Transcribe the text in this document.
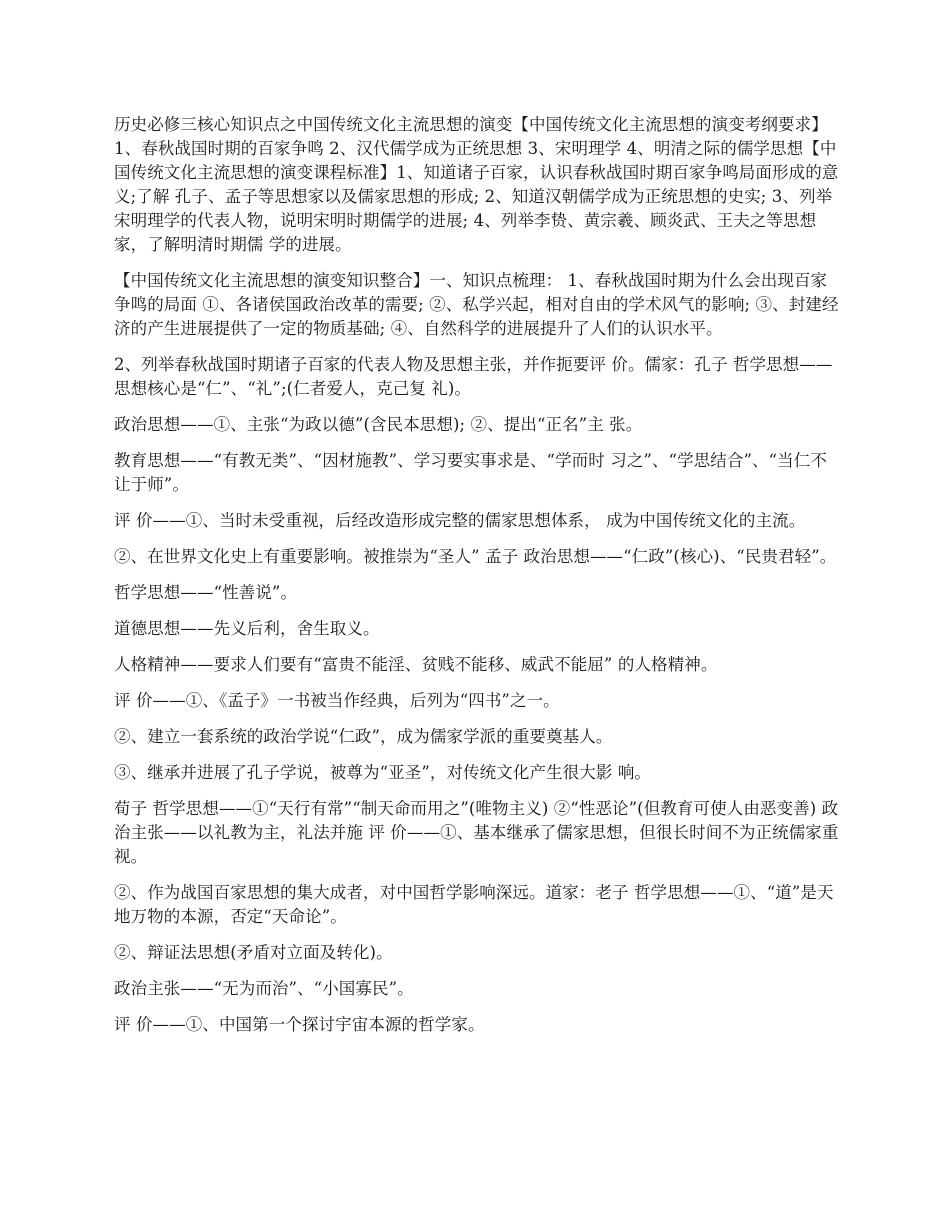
历史必修三核心知识点之中国传统文化主流思想的演变【中国传统文化主流思想的演变考纲要求】1、春秋战国时期的百家争鸣 2、汉代儒学成为正统思想 3、宋明理学 4、明清之际的儒学思想【中国传统文化主流思想的演变课程标准】1、知道诸子百家，认识春秋战国时期百家争鸣局面形成的意义;了解 孔子、孟子等思想家以及儒家思想的形成; 2、知道汉朝儒学成为正统思想的史实; 3、列举宋明理学的代表人物，说明宋明时期儒学的进展; 4、列举李贽、黄宗羲、顾炎武、王夫之等思想家，了解明清时期儒 学的进展。

【中国传统文化主流思想的演变知识整合】一、知识点梳理： 1、春秋战国时期为什么会出现百家争鸣的局面 ①、各诸侯国政治改革的需要; ②、私学兴起，相对自由的学术风气的影响; ③、封建经济的产生进展提供了一定的物质基础; ④、自然科学的进展提升了人们的认识水平。

2、列举春秋战国时期诸子百家的代表人物及思想主张，并作扼要评 价。儒家：孔子 哲学思想——思想核心是“仁”、“礼”;(仁者爱人，克己复 礼)。

政治思想——①、主张“为政以德”(含民本思想); ②、提出“正名”主 张。

教育思想——“有教无类”、“因材施教”、学习要实事求是、“学而时 习之”、“学思结合”、“当仁不让于师”。

评 价——①、当时未受重视，后经改造形成完整的儒家思想体系， 成为中国传统文化的主流。

②、在世界文化史上有重要影响。被推崇为“圣人” 孟子 政治思想——“仁政”(核心)、“民贵君轻”。

哲学思想——“性善说”。

道德思想——先义后利，舍生取义。

人格精神——要求人们要有“富贵不能淫、贫贱不能移、威武不能屈” 的人格精神。

评 价——①、《孟子》一书被当作经典，后列为“四书”之一。

②、建立一套系统的政治学说“仁政”，成为儒家学派的重要奠基人。

③、继承并进展了孔子学说，被尊为“亚圣”，对传统文化产生很大影 响。

荀子 哲学思想——①“天行有常”“制天命而用之”(唯物主义) ②“性恶论”(但教育可使人由恶变善) 政治主张——以礼教为主，礼法并施 评 价——①、基本继承了儒家思想，但很长时间不为正统儒家重视。

②、作为战国百家思想的集大成者，对中国哲学影响深远。道家：老子 哲学思想——①、“道”是天地万物的本源，否定“天命论”。

②、辩证法思想(矛盾对立面及转化)。

政治主张——“无为而治”、“小国寡民”。

评 价——①、中国第一个探讨宇宙本源的哲学家。
